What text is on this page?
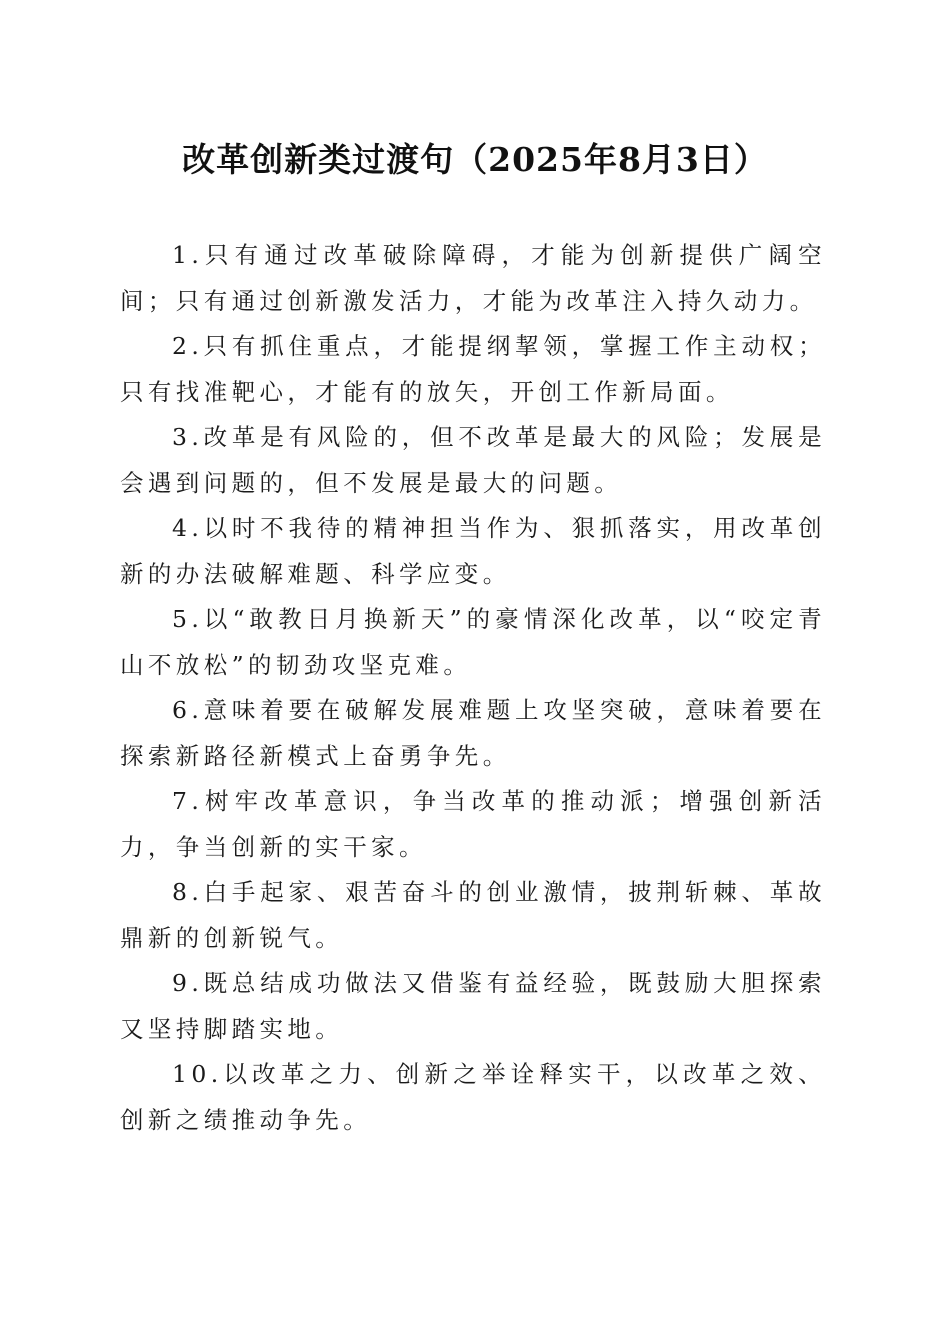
改革创新类过渡句（2025年8月3日）

1.只有通过改革破除障碍，才能为创新提供广阔空间；只有通过创新激发活力，才能为改革注入持久动力。

2.只有抓住重点，才能提纲挈领，掌握工作主动权；只有找准靶心，才能有的放矢，开创工作新局面。

3.改革是有风险的，但不改革是最大的风险；发展是会遇到问题的，但不发展是最大的问题。

4.以时不我待的精神担当作为、狠抓落实，用改革创新的办法破解难题、科学应变。

5.以“敢教日月换新天”的豪情深化改革，以“咬定青山不放松”的韧劲攻坚克难。

6.意味着要在破解发展难题上攻坚突破，意味着要在探索新路径新模式上奋勇争先。

7.树牢改革意识，争当改革的推动派；增强创新活力，争当创新的实干家。

8.白手起家、艰苦奋斗的创业激情，披荆斩棘、革故鼎新的创新锐气。

9.既总结成功做法又借鉴有益经验，既鼓励大胆探索又坚持脚踏实地。

10.以改革之力、创新之举诠释实干，以改革之效、创新之绩推动争先。
